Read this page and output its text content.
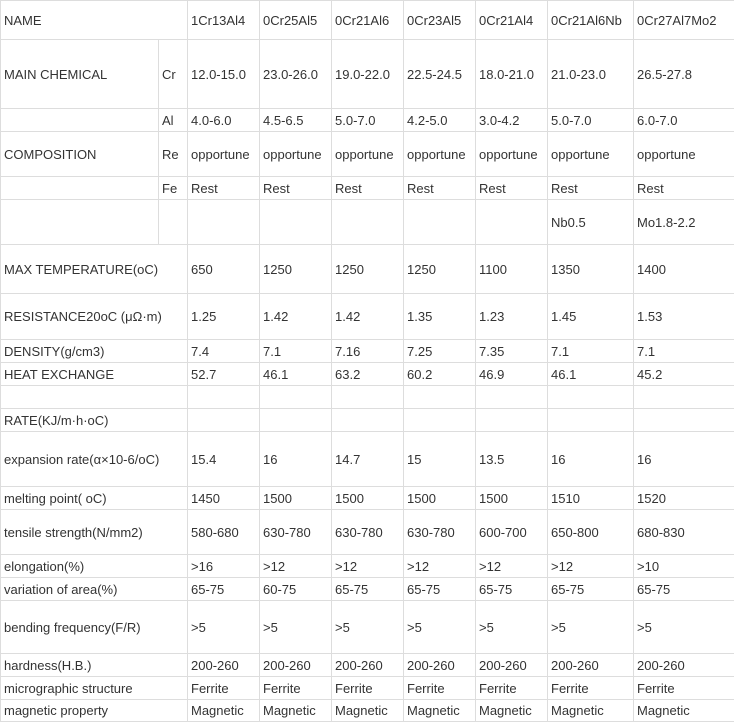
NAME		1Cr13Al4	0Cr25Al5	0Cr21Al6	0Cr23Al5	0Cr21Al4	0Cr21Al6Nb	0Cr27Al7Mo2
MAIN CHEMICAL	Cr	12.0-15.0	23.0-26.0	19.0-22.0	22.5-24.5	18.0-21.0	21.0-23.0	26.5-27.8
	Al	4.0-6.0	4.5-6.5	5.0-7.0	4.2-5.0	3.0-4.2	5.0-7.0	6.0-7.0
COMPOSITION	Re	opportune	opportune	opportune	opportune	opportune	opportune	opportune
	Fe	Rest	Rest	Rest	Rest	Rest	Rest	Rest
							Nb0.5	Mo1.8-2.2
MAX TEMPERATURE(oC)		650	1250	1250	1250	1100	1350	1400
RESISTANCE20oC (μΩ·m)		1.25	1.42	1.42	1.35	1.23	1.45	1.53
DENSITY(g/cm3)		7.4	7.1	7.16	7.25	7.35	7.1	7.1
HEAT EXCHANGE		52.7	46.1	63.2	60.2	46.9	46.1	45.2

RATE(KJ/m·h·oC)								
expansion rate(α×10-6/oC)		15.4	16	14.7	15	13.5	16	16
melting point( oC)		1450	1500	1500	1500	1500	1510	1520
tensile strength(N/mm2)		580-680	630-780	630-780	630-780	600-700	650-800	680-830
elongation(%)		>16	>12	>12	>12	>12	>12	>10
variation of area(%)		65-75	60-75	65-75	65-75	65-75	65-75	65-75
bending frequency(F/R)		>5	>5	>5	>5	>5	>5	>5
hardness(H.B.)		200-260	200-260	200-260	200-260	200-260	200-260	200-260
micrographic structure		Ferrite	Ferrite	Ferrite	Ferrite	Ferrite	Ferrite	Ferrite
magnetic property		Magnetic	Magnetic	Magnetic	Magnetic	Magnetic	Magnetic	Magnetic
